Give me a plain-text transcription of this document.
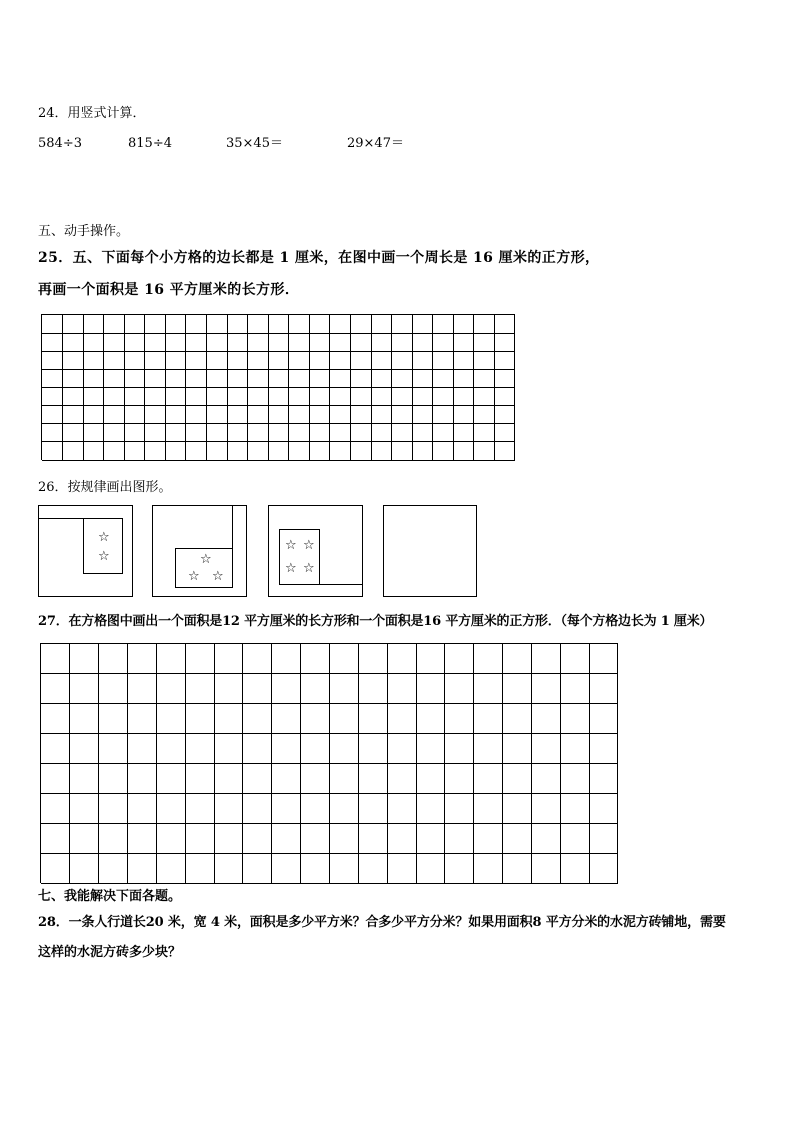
24．用竖式计算．
584÷3	815÷4	35×45＝	29×47＝
五、动手操作。
25．五、下面每个小方格的边长都是 1 厘米，在图中画一个周长是 16 厘米的正方形，
再画一个面积是 16 平方厘米的长方形．
26．按规律画出图形。
☆
☆	☆
☆ ☆
☆ ☆
☆ ☆
27．在方格图中画出一个面积是12 平方厘米的长方形和一个面积是16 平方厘米的正方形．（每个方格边长为 1 厘米）
七、我能解决下面各题。
28．一条人行道长20 米，宽 4 米，面积是多少平方米？合多少平方分米？如果用面积8 平方分米的水泥方砖铺地，需要
这样的水泥方砖多少块？
